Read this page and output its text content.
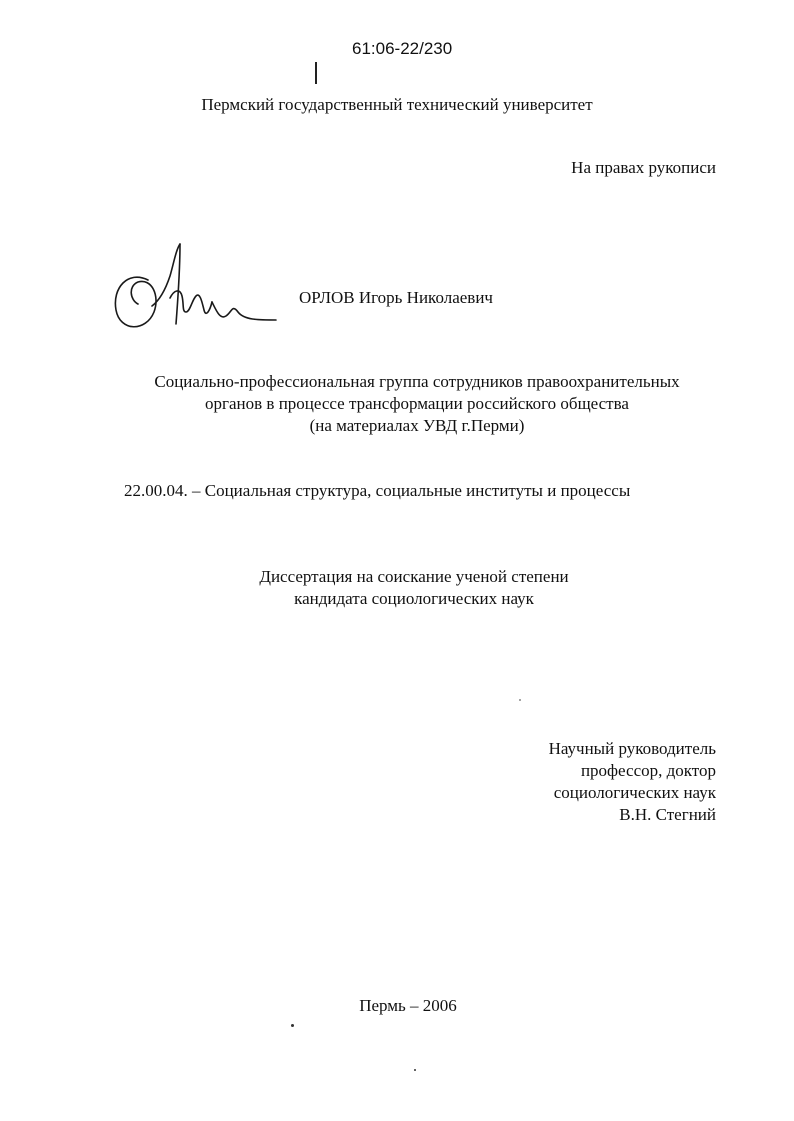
61:06-22/230
Пермский государственный технический университет
На правах рукописи
ОРЛОВ Игорь Николаевич
Социально-профессиональная группа сотрудников правоохранительных
органов в процессе трансформации российского общества
(на материалах УВД г.Перми)
22.00.04. – Социальная структура, социальные институты и процессы
Диссертация на соискание ученой степени
кандидата социологических наук
Научный руководитель
профессор, доктор
социологических наук
В.Н. Стегний
Пермь – 2006
